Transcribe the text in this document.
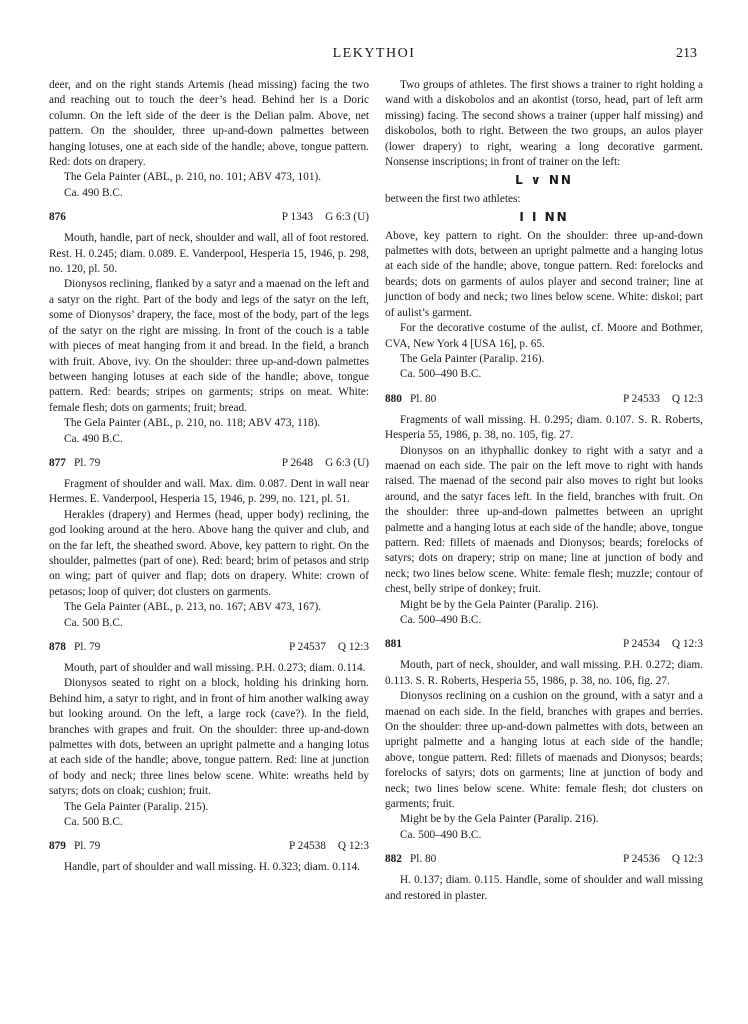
LEKYTHOI	213

deer, and on the right stands Artemis (head missing) facing the two and reaching out to touch the deer’s head. Behind her is a Doric column. On the left side of the deer is the Delian palm. Above, net pattern. On the shoulder, three up-and-down palmettes between hanging lotuses, one at each side of the handle; above, tongue pattern. Red: dots on drapery.

The Gela Painter (ABL, p. 210, no. 101; ABV 473, 101).

Ca. 490 B.C.

876	P 1343 G 6:3 (U)

Mouth, handle, part of neck, shoulder and wall, all of foot restored. Rest. H. 0.245; diam. 0.089. E. Vanderpool, Hesperia 15, 1946, p. 298, no. 120, pl. 50.

Dionysos reclining, flanked by a satyr and a maenad on the left and a satyr on the right. Part of the body and legs of the satyr on the left, some of Dionysos’ drapery, the face, most of the body, part of the legs of the satyr on the right are missing. In front of the couch is a table with pieces of meat hanging from it and bread. In the field, a branch with fruit. Above, ivy. On the shoulder: three up-and-down palmettes between hanging lotuses at each side of the handle; above, tongue pattern. Red: beards; stripes on garments; strips on meat. White: female flesh; dots on garments; fruit; bread.

The Gela Painter (ABL, p. 210, no. 118; ABV 473, 118).

Ca. 490 B.C.

877 Pl. 79	P 2648 G 6:3 (U)

Fragment of shoulder and wall. Max. dim. 0.087. Dent in wall near Hermes. E. Vanderpool, Hesperia 15, 1946, p. 299, no. 121, pl. 51.

Herakles (drapery) and Hermes (head, upper body) reclining, the god looking around at the hero. Above hang the quiver and club, and on the far left, the sheathed sword. Above, key pattern to right. On the shoulder, palmettes (part of one). Red: beard; brim of petasos and strip on wing; part of quiver and flap; dots on drapery. White: crown of petasos; loop of quiver; dot clusters on garments.

The Gela Painter (ABL, p. 213, no. 167; ABV 473, 167).

Ca. 500 B.C.

878 Pl. 79	P 24537 Q 12:3

Mouth, part of shoulder and wall missing. P.H. 0.273; diam. 0.114.

Dionysos seated to right on a block, holding his drinking horn. Behind him, a satyr to right, and in front of him another walking away but looking around. On the left, a large rock (cave?). In the field, branches with grapes and fruit. On the shoulder: three up-and-down palmettes with dots, between an upright palmette and a hanging lotus at each side of the handle; above, tongue pattern. Red: line at junction of body and neck; three lines below scene. White: wreaths held by satyrs; dots on cloak; cushion; fruit.

The Gela Painter (Paralip. 215).

Ca. 500 B.C.

879 Pl. 79	P 24538 Q 12:3

Handle, part of shoulder and wall missing. H. 0.323; diam. 0.114.

Two groups of athletes. The first shows a trainer to right holding a wand with a diskobolos and an akontist (torso, head, part of left arm missing) facing. The second shows a trainer (upper half missing) and diskobolos, both to right. Between the two groups, an aulos player (lower drapery) to right, wearing a long decorative garment. Nonsense inscriptions; in front of trainer on the left:

L ∨ NN

between the first two athletes:

I I NN

Above, key pattern to right. On the shoulder: three up-and-down palmettes with dots, between an upright palmette and a hanging lotus at each side of the handle; above, tongue pattern. Red: forelocks and beards; dots on garments of aulos player and second trainer; line at junction of body and neck; two lines below scene. White: diskoi; part of aulist’s garment.

For the decorative costume of the aulist, cf. Moore and Bothmer, CVA, New York 4 [USA 16], p. 65.

The Gela Painter (Paralip. 216).

Ca. 500–490 B.C.

880 Pl. 80	P 24533 Q 12:3

Fragments of wall missing. H. 0.295; diam. 0.107. S. R. Roberts, Hesperia 55, 1986, p. 38, no. 105, fig. 27.

Dionysos on an ithyphallic donkey to right with a satyr and a maenad on each side. The pair on the left move to right with hands raised. The maenad of the second pair also moves to right but looks around, and the satyr faces left. In the field, branches with fruit. On the shoulder: three up-and-down palmettes between an upright palmette and a hanging lotus at each side of the handle; above, tongue pattern. Red: fillets of maenads and Dionysos; beards; forelocks of satyrs; dots on drapery; strip on mane; line at junction of body and neck; two lines below scene. White: female flesh; muzzle; contour of chest, belly stripe of donkey; fruit.

Might be by the Gela Painter (Paralip. 216).

Ca. 500–490 B.C.

881	P 24534 Q 12:3

Mouth, part of neck, shoulder, and wall missing. P.H. 0.272; diam. 0.113. S. R. Roberts, Hesperia 55, 1986, p. 38, no. 106, fig. 27.

Dionysos reclining on a cushion on the ground, with a satyr and a maenad on each side. In the field, branches with grapes and berries. On the shoulder: three up-and-down palmettes with dots, between an upright palmette and a hanging lotus at each side of the handle; above, tongue pattern. Red: fillets of maenads and Dionysos; beards; forelocks of satyrs; dots on garments; line at junction of body and neck; two lines below scene. White: female flesh; dot clusters on garments; fruit.

Might be by the Gela Painter (Paralip. 216).

Ca. 500–490 B.C.

882 Pl. 80	P 24536 Q 12:3

H. 0.137; diam. 0.115. Handle, some of shoulder and wall missing and restored in plaster.
